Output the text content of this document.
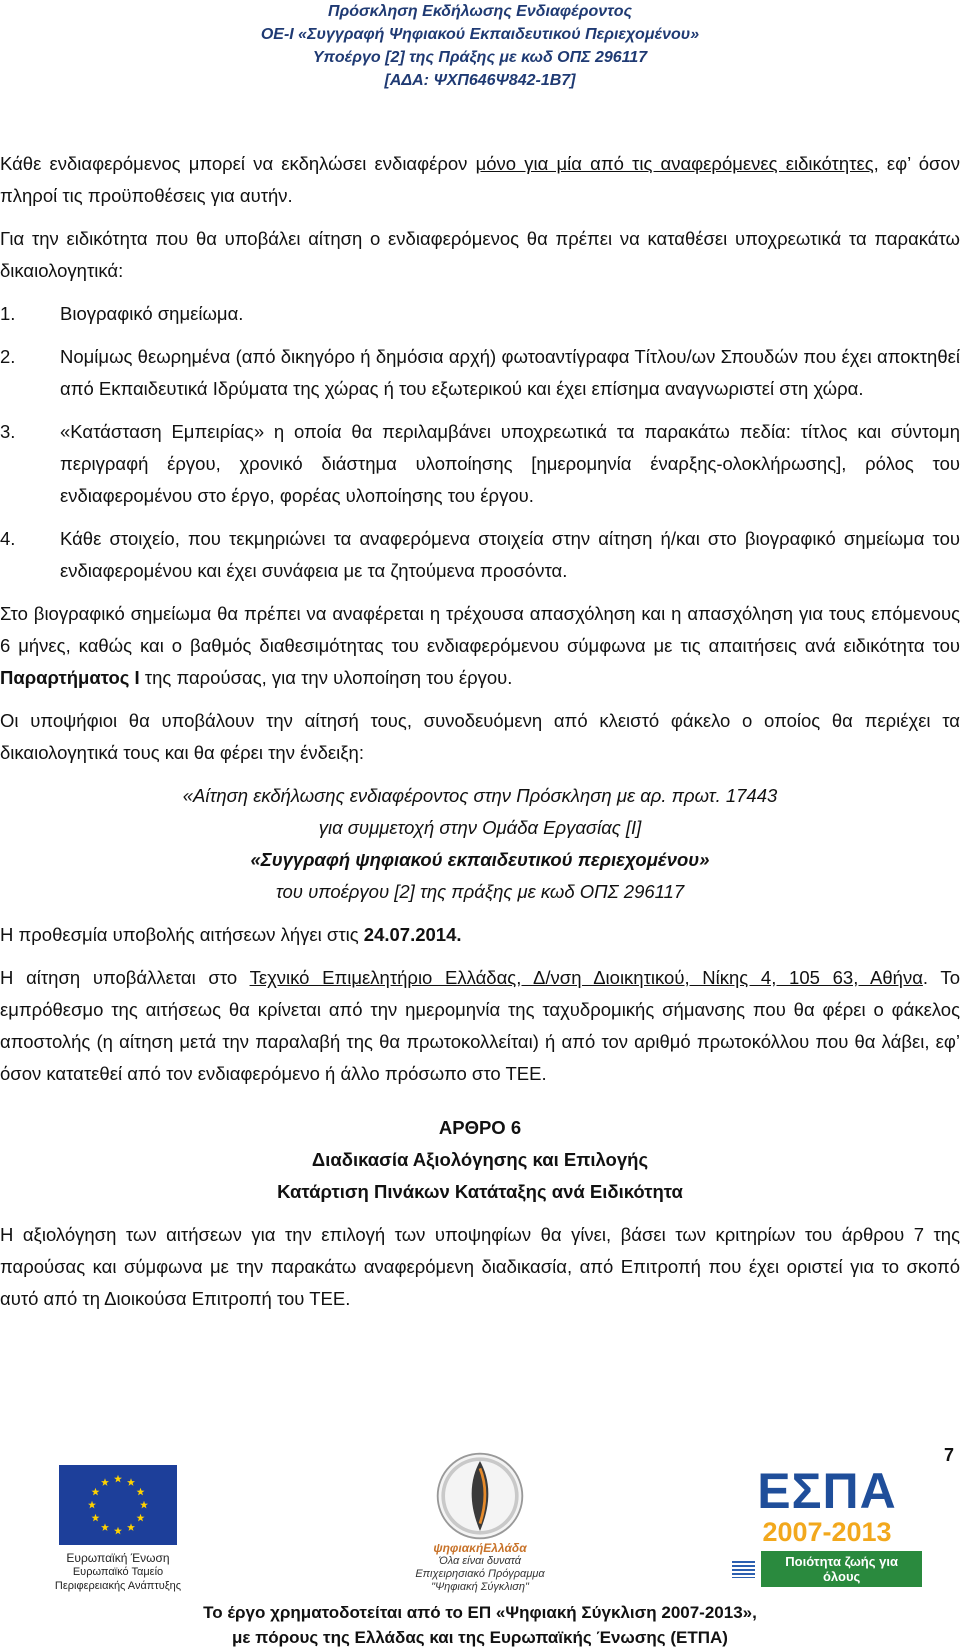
Πρόσκληση Εκδήλωσης Ενδιαφέροντος
ΟΕ-Ι «Συγγραφή Ψηφιακού Εκπαιδευτικού Περιεχομένου»
Υποέργο [2] της Πράξης με κωδ ΟΠΣ 296117
[ΑΔΑ: ΨΧΠ646Ψ842-1Β7]

Κάθε ενδιαφερόμενος μπορεί να εκδηλώσει ενδιαφέρον μόνο για μία από τις αναφερόμενες ειδικότητες, εφ’ όσον πληροί τις προϋποθέσεις για αυτήν.

Για την ειδικότητα που θα υποβάλει αίτηση ο ενδιαφερόμενος θα πρέπει να καταθέσει υποχρεωτικά τα παρακάτω δικαιολογητικά:

1.	Βιογραφικό σημείωμα.
2.	Νομίμως θεωρημένα (από δικηγόρο ή δημόσια αρχή) φωτοαντίγραφα Τίτλου/ων Σπουδών που έχει αποκτηθεί από Εκπαιδευτικά Ιδρύματα της χώρας ή του εξωτερικού και έχει επίσημα αναγνωριστεί στη χώρα.
3.	«Κατάσταση Εμπειρίας» η οποία θα περιλαμβάνει υποχρεωτικά τα παρακάτω πεδία: τίτλος και σύντομη περιγραφή έργου, χρονικό διάστημα υλοποίησης [ημερομηνία έναρξης-ολοκλήρωσης], ρόλος του ενδιαφερομένου στο έργο, φορέας υλοποίησης του έργου.
4.	Κάθε στοιχείο, που τεκμηριώνει τα αναφερόμενα στοιχεία στην αίτηση ή/και στο βιογραφικό σημείωμα του ενδιαφερομένου και έχει συνάφεια με τα ζητούμενα προσόντα.

Στο βιογραφικό σημείωμα θα πρέπει να αναφέρεται η τρέχουσα απασχόληση και η απασχόληση για τους επόμενους 6 μήνες, καθώς και ο βαθμός διαθεσιμότητας του ενδιαφερόμενου σύμφωνα με τις απαιτήσεις ανά ειδικότητα του Παραρτήματος Ι της παρούσας, για την υλοποίηση του έργου.

Οι υποψήφιοι θα υποβάλουν την αίτησή τους, συνοδευόμενη από κλειστό φάκελο ο οποίος θα περιέχει τα δικαιολογητικά τους και θα φέρει την ένδειξη:

«Αίτηση εκδήλωσης ενδιαφέροντος στην Πρόσκληση με αρ. πρωτ. 17443
για συμμετοχή στην Ομάδα Εργασίας [Ι]
«Συγγραφή ψηφιακού εκπαιδευτικού περιεχομένου»
του υποέργου [2] της πράξης με κωδ ΟΠΣ 296117

Η προθεσμία υποβολής αιτήσεων λήγει στις 24.07.2014.

Η αίτηση υποβάλλεται στο Τεχνικό Επιμελητήριο Ελλάδας, Δ/νση Διοικητικού, Νίκης 4, 105 63, Αθήνα. Το εμπρόθεσμο της αιτήσεως θα κρίνεται από την ημερομηνία της ταχυδρομικής σήμανσης που θα φέρει ο φάκελος αποστολής (η αίτηση μετά την παραλαβή της θα πρωτοκολλείται) ή από τον αριθμό πρωτοκόλλου που θα λάβει, εφ’ όσον κατατεθεί από τον ενδιαφερόμενο ή άλλο πρόσωπο στο ΤΕΕ.

ΑΡΘΡΟ 6
Διαδικασία Αξιολόγησης και Επιλογής
Κατάρτιση Πινάκων Κατάταξης ανά Ειδικότητα

Η αξιολόγηση των αιτήσεων για την επιλογή των υποψηφίων θα γίνει, βάσει των κριτηρίων του άρθρου 7 της παρούσας και σύμφωνα με την παρακάτω αναφερόμενη διαδικασία, από Επιτροπή που έχει οριστεί για το σκοπό αυτό από τη Διοικούσα Επιτροπή του ΤΕΕ.

7
Ευρωπαϊκή Ένωση
Ευρωπαϊκό Ταμείο
Περιφερειακής Ανάπτυξης
ψηφιακήΕλλάδα
Όλα είναι δυνατά
Επιχειρησιακό Πρόγραμμα
"Ψηφιακή Σύγκλιση"
ΕΣΠΑ
2007-2013
Ποιότητα ζωής για όλους
Το έργο χρηματοδοτείται από το ΕΠ «Ψηφιακή Σύγκλιση 2007-2013»,
με πόρους της Ελλάδας και της Ευρωπαϊκής Ένωσης (ΕΤΠΑ)
